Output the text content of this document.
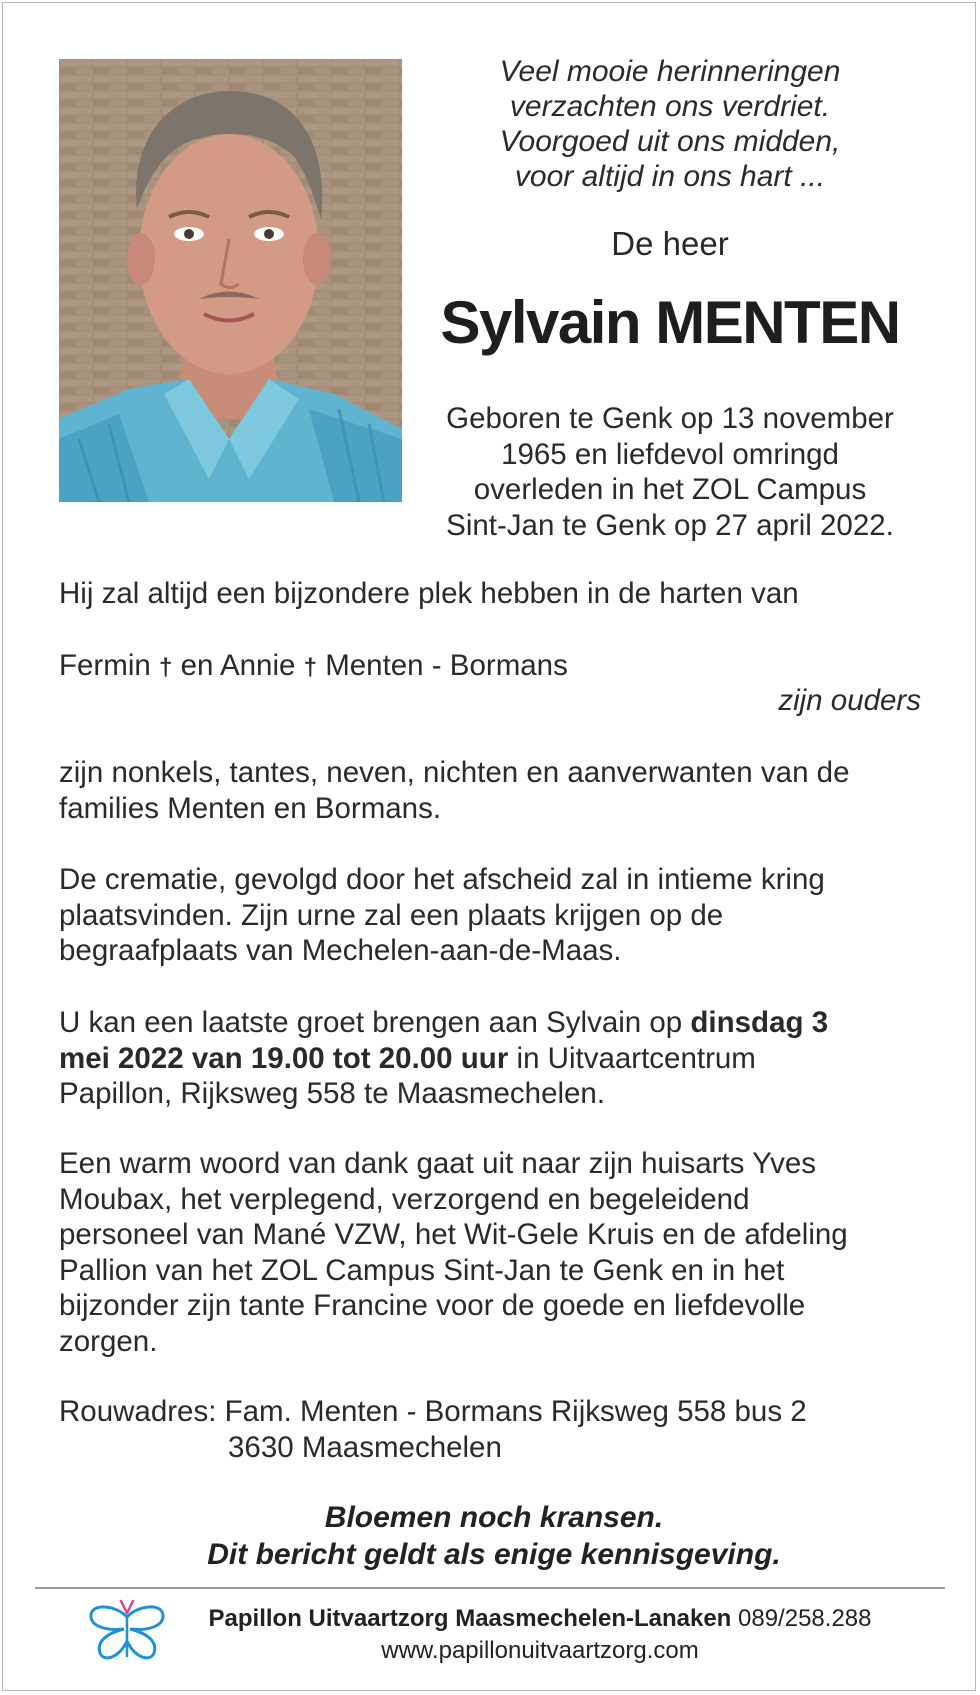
Veel mooie herinneringen
verzachten ons verdriet.
Voorgoed uit ons midden,
voor altijd in ons hart ...
De heer
Sylvain MENTEN
Geboren te Genk op 13 november
1965 en liefdevol omringd
overleden in het ZOL Campus
Sint-Jan te Genk op 27 april 2022.
Hij zal altijd een bijzondere plek hebben in de harten van
Fermin † en Annie † Menten - Bormans
zijn ouders
zijn nonkels, tantes, neven, nichten en aanverwanten van de
families Menten en Bormans.
De crematie, gevolgd door het afscheid zal in intieme kring
plaatsvinden. Zijn urne zal een plaats krijgen op de
begraafplaats van Mechelen-aan-de-Maas.
U kan een laatste groet brengen aan Sylvain op dinsdag 3
mei 2022 van 19.00 tot 20.00 uur in Uitvaartcentrum
Papillon, Rijksweg 558 te Maasmechelen.
Een warm woord van dank gaat uit naar zijn huisarts Yves
Moubax, het verplegend, verzorgend en begeleidend
personeel van Mané VZW, het Wit-Gele Kruis en de afdeling
Pallion van het ZOL Campus Sint-Jan te Genk en in het
bijzonder zijn tante Francine voor de goede en liefdevolle
zorgen.
Rouwadres: Fam. Menten - Bormans Rijksweg 558 bus 2
3630 Maasmechelen
Bloemen noch kransen.
Dit bericht geldt als enige kennisgeving.
Papillon Uitvaartzorg Maasmechelen-Lanaken 089/258.288
www.papillonuitvaartzorg.com
